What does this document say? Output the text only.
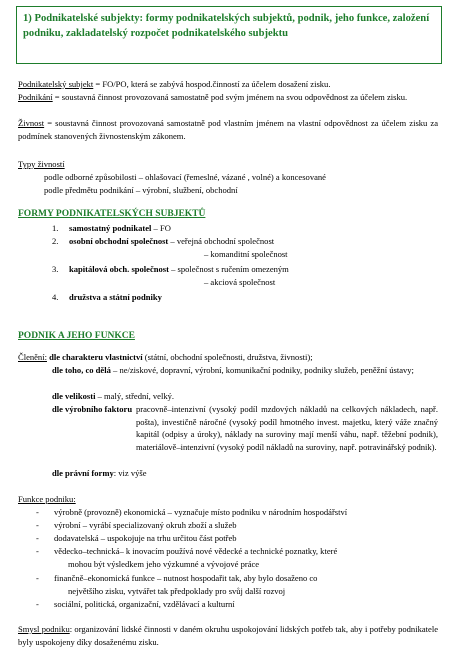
1) Podnikatelské subjekty: formy podnikatelských subjektů, podnik, jeho funkce, založení podniku, zakladatelský rozpočet podnikatelského subjektu
Podnikatelský subjekt = FO/PO, která se zabývá hospod.činností za účelem dosažení zisku.
Podnikání = soustavná činnost provozovaná samostatně pod svým jménem na svou odpovědnost za účelem zisku.
Živnost = soustavná činnost provozovaná samostatně pod vlastním jménem na vlastní odpovědnost za účelem zisku za podmínek stanovených živnostenským zákonem.
Typy živností
podle odborné způsobilosti – ohlašovací (řemeslné, vázané , volné) a koncesované
podle předmětu podnikání – výrobní, službení, obchodní
FORMY PODNIKATELSKÝCH SUBJEKTŮ
1. samostatný podnikatel – FO
2. osobní obchodní společnost – veřejná obchodní společnost
– komanditní společnost
3. kapitálová obch. společnost – společnost s ručením omezeným
– akciová společnost
4. družstva a státní podniky
PODNIK A JEHO FUNKCE
Členění: dle charakteru vlastnictví (státní, obchodní společnosti, družstva, živnosti);
dle toho, co dělá – ne/ziskové, dopravní, výrobní, komunikační podniky, podniky služeb, peněžní ústavy;
dle velikosti – malý, střední, velký.
dle výrobního faktoru pracovně–intenzivní (vysoký podíl mzdových nákladů na celkových nákladech, např. pošta), investičně náročné (vysoký podíl hmotného invest. majetku, který váže značný kapitál (odpisy a úroky), náklady na suroviny mají menší váhu, např. těžební podnik), materiálově–intenzivní (vysoký podíl nákladů na suroviny, např. potravinářský podnik).
dle právní formy: viz výše
Funkce podniku:
- výrobně (provozně) ekonomická – vyznačuje místo podniku v národním hospodářství
- výrobní – vyrábí specializovaný okruh zboží a služeb
- dodavatelská – uspokojuje na trhu určitou část potřeb
- vědecko–technická– k inovacím používá nové vědecké a technické poznatky, které
mohou být výsledkem jeho výzkumné a vývojové práce
- finančně–ekonomická funkce – nutnost hospodařit tak, aby bylo dosaženo co
největšího zisku, vytvářet tak předpoklady pro svůj další rozvoj
- sociální, politická, organizační, vzdělávací a kulturní
Smysl podniku: organizování lidské činnosti v daném okruhu uspokojování lidských potřeb tak, aby i potřeby podnikatele byly uspokojeny díky dosaženému zisku.
